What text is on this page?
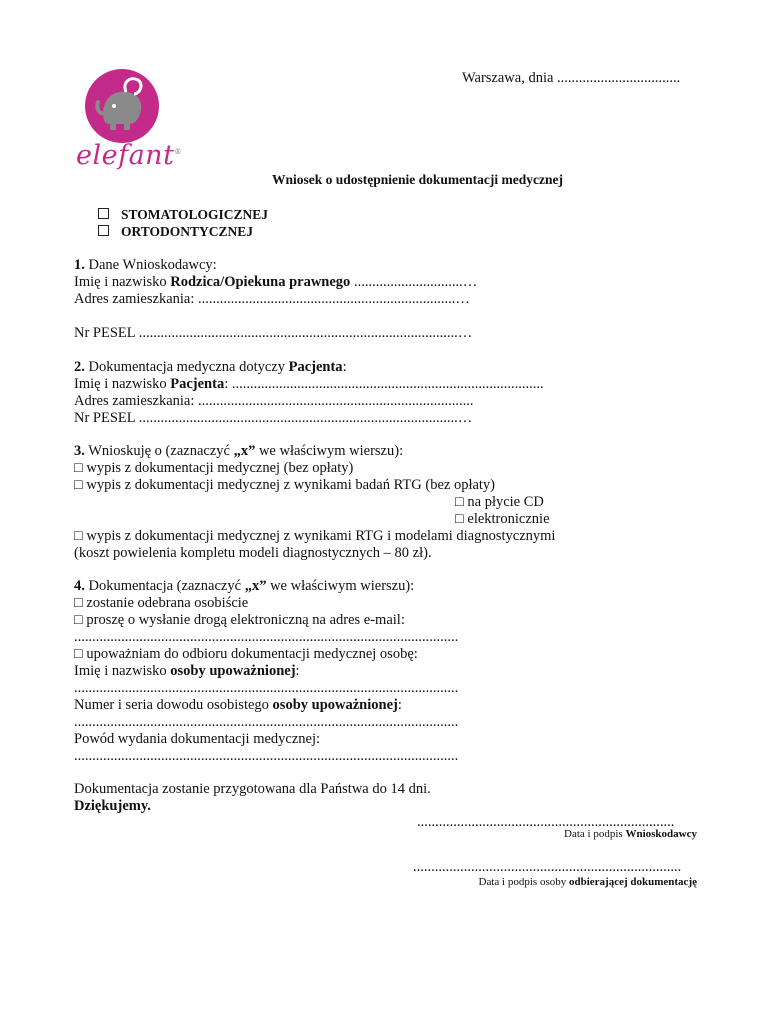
elefant®
Warszawa, dnia ..................................
Wniosek o udostępnienie dokumentacji medycznej
STOMATOLOGICZNEJ
ORTODONTYCZNEJ
1. Dane Wnioskodawcy:
Imię i nazwisko Rodzica/Opiekuna prawnego ..............................…
Adres zamieszkania: .......................................................................…
Nr PESEL ........................................................................................…
2. Dokumentacja medyczna dotyczy Pacjenta:
Imię i nazwisko Pacjenta: ......................................................................................
Adres zamieszkania: ............................................................................
Nr PESEL ........................................................................................…
3. Wnioskuję o (zaznaczyć „x” we właściwym wierszu):
□ wypis z dokumentacji medycznej (bez opłaty)
□ wypis z dokumentacji medycznej z wynikami badań RTG (bez opłaty)
□ na płycie CD
□ elektronicznie
□ wypis z dokumentacji medycznej z wynikami RTG i modelami diagnostycznymi
(koszt powielenia kompletu modeli diagnostycznych – 80 zł).
4. Dokumentacja (zaznaczyć „x” we właściwym wierszu):
□ zostanie odebrana osobiście
□ proszę o wysłanie drogą elektroniczną na adres e-mail:
..........................................................................................................
□ upoważniam do odbioru dokumentacji medycznej osobę:
Imię i nazwisko osoby upoważnionej:
..........................................................................................................
Numer i seria dowodu osobistego osoby upoważnionej:
..........................................................................................................
Powód wydania dokumentacji medycznej:
..........................................................................................................
Dokumentacja zostanie przygotowana dla Państwa do 14 dni.
Dziękujemy.
.......................................................................
Data i podpis Wnioskodawcy
..........................................................................
Data i podpis osoby odbierającej dokumentację
